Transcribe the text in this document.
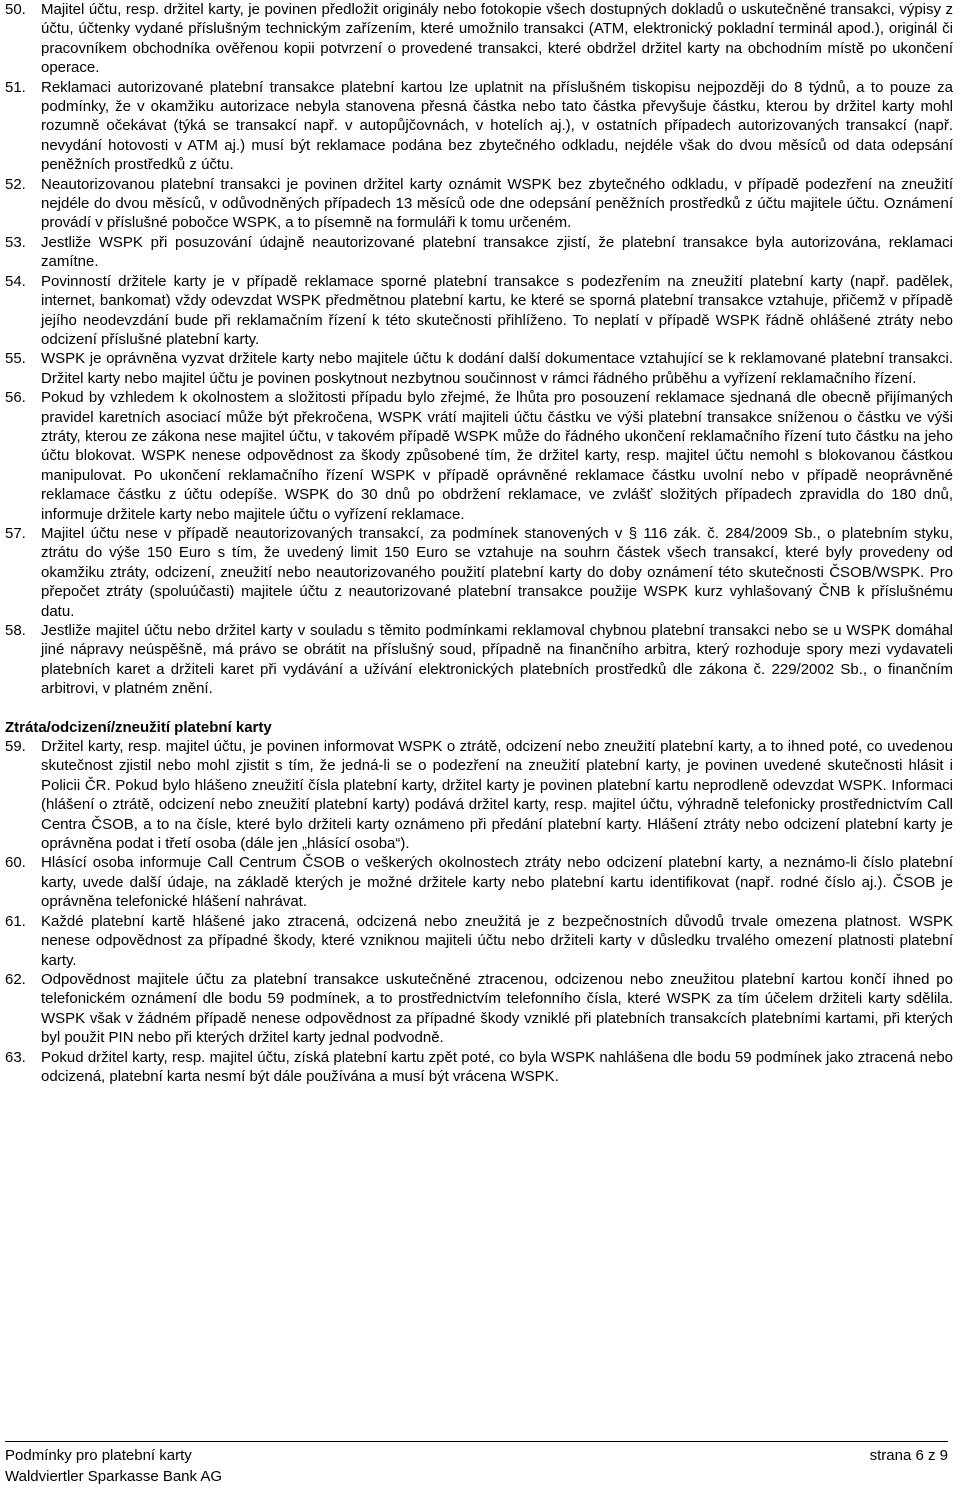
50.	Majitel účtu, resp. držitel karty, je povinen předložit originály nebo fotokopie všech dostupných dokladů o uskutečněné transakci, výpisy z účtu, účtenky vydané příslušným technickým zařízením, které umožnilo transakci (ATM, elektronický pokladní terminál apod.), originál či pracovníkem obchodníka ověřenou kopii potvrzení o provedené transakci, které obdržel držitel karty na obchodním místě po ukončení operace.
51.	Reklamaci autorizované platební transakce platební kartou lze uplatnit na příslušném tiskopisu nejpozději do 8 týdnů, a to pouze za podmínky, že v okamžiku autorizace nebyla stanovena přesná částka nebo tato částka převyšuje částku, kterou by držitel karty mohl rozumně očekávat (týká se transakcí např. v autopůjčovnách, v hotelích aj.), v ostatních případech autorizovaných transakcí (např. nevydání hotovosti v ATM aj.) musí být reklamace podána bez zbytečného odkladu, nejdéle však do dvou měsíců od data odepsání peněžních prostředků z účtu.
52.	Neautorizovanou platební transakci je povinen držitel karty oznámit WSPK bez zbytečného odkladu, v případě podezření na zneužití nejdéle do dvou měsíců, v odůvodněných případech 13 měsíců ode dne odepsání peněžních prostředků z účtu majitele účtu. Oznámení provádí v příslušné pobočce WSPK, a to písemně na formuláři k tomu určeném.
53.	Jestliže WSPK při posuzování údajně neautorizované platební transakce zjistí, že platební transakce byla autorizována, reklamaci zamítne.
54.	Povinností držitele karty je v případě reklamace sporné platební transakce s podezřením na zneužití platební karty (např. padělek, internet, bankomat) vždy odevzdat WSPK předmětnou platební kartu, ke které se sporná platební transakce vztahuje, přičemž v případě jejího neodevzdání bude při reklamačním řízení k této skutečnosti přihlíženo. To neplatí v případě WSPK řádně ohlášené ztráty nebo odcizení příslušné platební karty.
55.	WSPK je oprávněna vyzvat držitele karty nebo majitele účtu k dodání další dokumentace vztahující se k reklamované platební transakci. Držitel karty nebo majitel účtu je povinen poskytnout nezbytnou součinnost v rámci řádného průběhu a vyřízení reklamačního řízení.
56.	Pokud by vzhledem k okolnostem a složitosti případu bylo zřejmé, že lhůta pro posouzení reklamace sjednaná dle obecně přijímaných pravidel karetních asociací může být překročena, WSPK vrátí majiteli účtu částku ve výši platební transakce sníženou o částku ve výši ztráty, kterou ze zákona nese majitel účtu, v takovém případě WSPK může do řádného ukončení reklamačního řízení tuto částku na jeho účtu blokovat. WSPK nenese odpovědnost za škody způsobené tím, že držitel karty, resp. majitel účtu nemohl s blokovanou částkou manipulovat. Po ukončení reklamačního řízení WSPK v případě oprávněné reklamace částku uvolní nebo v případě neoprávněné reklamace částku z účtu odepíše. WSPK do 30 dnů po obdržení reklamace, ve zvlášť složitých případech zpravidla do 180 dnů, informuje držitele karty nebo majitele účtu o vyřízení reklamace.
57.	Majitel účtu nese v případě neautorizovaných transakcí, za podmínek stanovených v § 116 zák. č. 284/2009 Sb., o platebním styku, ztrátu do výše 150 Euro s tím, že uvedený limit 150 Euro se vztahuje na souhrn částek všech transakcí, které byly provedeny od okamžiku ztráty, odcizení, zneužití nebo neautorizovaného použití platební karty do doby oznámení této skutečnosti ČSOB/WSPK. Pro přepočet ztráty (spoluúčasti) majitele účtu z neautorizované platební transakce použije WSPK kurz vyhlašovaný ČNB k příslušnému datu.
58.	Jestliže majitel účtu nebo držitel karty v souladu s těmito podmínkami reklamoval chybnou platební transakci nebo se u WSPK domáhal jiné nápravy neúspěšně, má právo se obrátit na příslušný soud, případně na finančního arbitra, který rozhoduje spory mezi vydavateli platebních karet a držiteli karet při vydávání a užívání elektronických platebních prostředků dle zákona č. 229/2002 Sb., o finančním arbitrovi, v platném znění.
Ztráta/odcizení/zneužití platební karty
59.	Držitel karty, resp. majitel účtu, je povinen informovat WSPK o ztrátě, odcizení nebo zneužití platební karty, a to ihned poté, co uvedenou skutečnost zjistil nebo mohl zjistit s tím, že jedná-li se o podezření na zneužití platební karty, je povinen uvedené skutečnosti hlásit i Policii ČR. Pokud bylo hlášeno zneužití čísla platební karty, držitel karty je povinen platební kartu neprodleně odevzdat WSPK. Informaci (hlášení o ztrátě, odcizení nebo zneužití platební karty) podává držitel karty, resp. majitel účtu, výhradně telefonicky prostřednictvím Call Centra ČSOB, a to na čísle, které bylo držiteli karty oznámeno při předání platební karty. Hlášení ztráty nebo odcizení platební karty je oprávněna podat i třetí osoba (dále jen „hlásící osoba“).
60.	Hlásící osoba informuje Call Centrum ČSOB o veškerých okolnostech ztráty nebo odcizení platební karty, a neznámo-li číslo platební karty, uvede další údaje, na základě kterých je možné držitele karty nebo platební kartu identifikovat (např. rodné číslo aj.). ČSOB je oprávněna telefonické hlášení nahrávat.
61.	Každé platební kartě hlášené jako ztracená, odcizená nebo zneužitá je z bezpečnostních důvodů trvale omezena platnost. WSPK nenese odpovědnost za případné škody, které vzniknou majiteli účtu nebo držiteli karty v důsledku trvalého omezení platnosti platební karty.
62.	Odpovědnost majitele účtu za platební transakce uskutečněné ztracenou, odcizenou nebo zneužitou platební kartou končí ihned po telefonickém oznámení dle bodu 59 podmínek, a to prostřednictvím telefonního čísla, které WSPK za tím účelem držiteli karty sdělila. WSPK však v žádném případě nenese odpovědnost za případné škody vzniklé při platebních transakcích platebními kartami, při kterých byl použit PIN nebo při kterých držitel karty jednal podvodně.
63.	Pokud držitel karty, resp. majitel účtu, získá platební kartu zpět poté, co byla WSPK nahlášena dle bodu 59 podmínek jako ztracená nebo odcizená, platební karta nesmí být dále používána a musí být vrácena WSPK.
Podmínky pro platební karty	strana 6 z 9
Waldviertler Sparkasse Bank AG
